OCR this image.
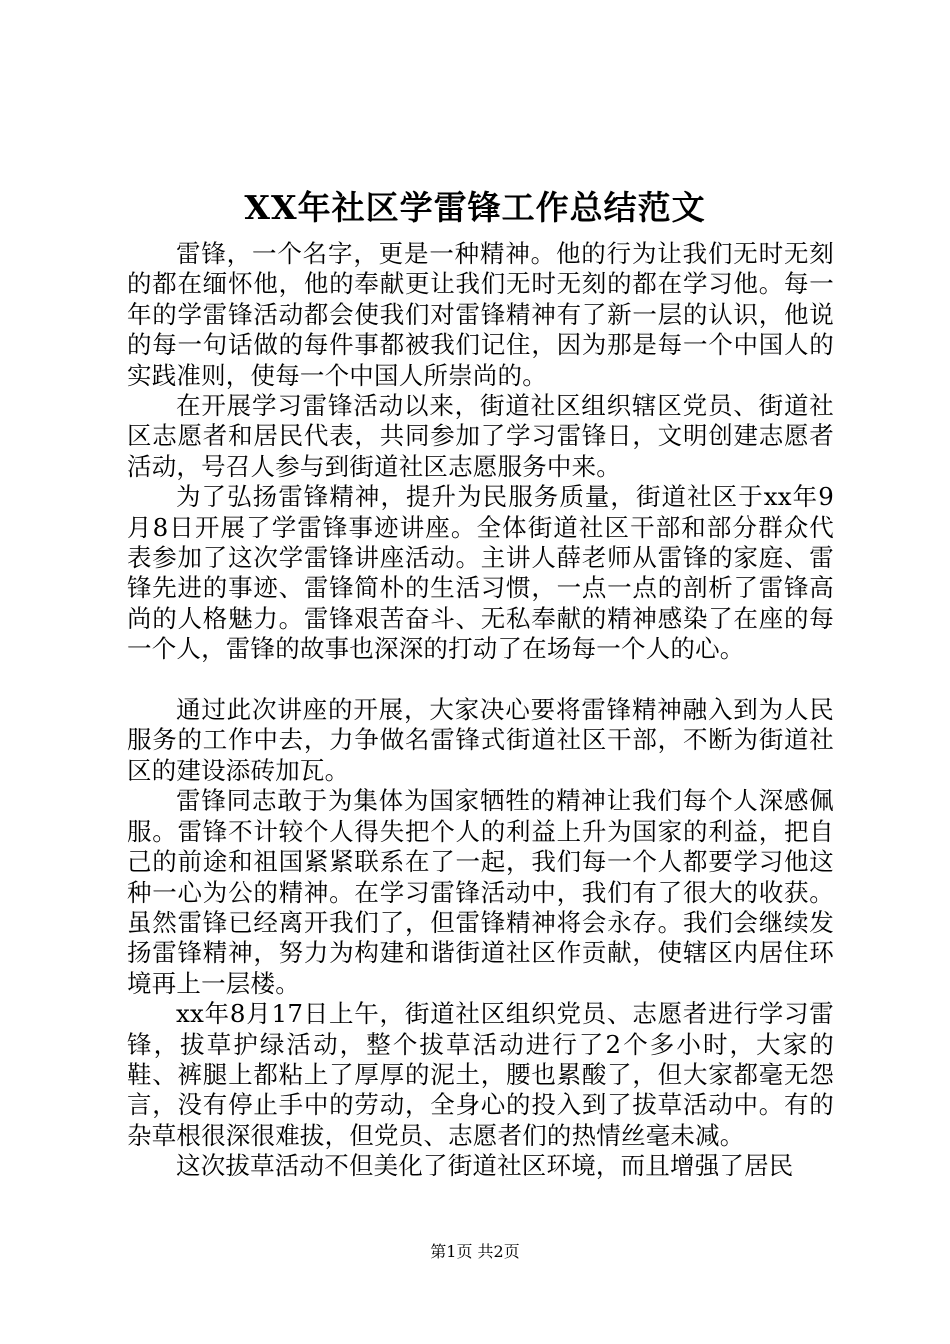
XX年社区学雷锋工作总结范文

雷锋，一个名字，更是一种精神。他的行为让我们无时无刻的都在缅怀他，他的奉献更让我们无时无刻的都在学习他。每一年的学雷锋活动都会使我们对雷锋精神有了新一层的认识，他说的每一句话做的每件事都被我们记住，因为那是每一个中国人的实践准则，使每一个中国人所崇尚的。

在开展学习雷锋活动以来，街道社区组织辖区党员、街道社区志愿者和居民代表，共同参加了学习雷锋日，文明创建志愿者活动，号召人参与到街道社区志愿服务中来。

为了弘扬雷锋精神，提升为民服务质量，街道社区于xx年9月8日开展了学雷锋事迹讲座。全体街道社区干部和部分群众代表参加了这次学雷锋讲座活动。主讲人薛老师从雷锋的家庭、雷锋先进的事迹、雷锋简朴的生活习惯，一点一点的剖析了雷锋高尚的人格魅力。雷锋艰苦奋斗、无私奉献的精神感染了在座的每一个人，雷锋的故事也深深的打动了在场每一个人的心。

通过此次讲座的开展，大家决心要将雷锋精神融入到为人民服务的工作中去，力争做名雷锋式街道社区干部，不断为街道社区的建设添砖加瓦。

雷锋同志敢于为集体为国家牺牲的精神让我们每个人深感佩服。雷锋不计较个人得失把个人的利益上升为国家的利益，把自己的前途和祖国紧紧联系在了一起，我们每一个人都要学习他这种一心为公的精神。在学习雷锋活动中，我们有了很大的收获。虽然雷锋已经离开我们了，但雷锋精神将会永存。我们会继续发扬雷锋精神，努力为构建和谐街道社区作贡献，使辖区内居住环境再上一层楼。

xx年8月17日上午，街道社区组织党员、志愿者进行学习雷锋，拔草护绿活动，整个拔草活动进行了2个多小时，大家的鞋、裤腿上都粘上了厚厚的泥土，腰也累酸了，但大家都毫无怨言，没有停止手中的劳动，全身心的投入到了拔草活动中。有的杂草根很深很难拔，但党员、志愿者们的热情丝毫未减。

这次拔草活动不但美化了街道社区环境，而且增强了居民

第1页 共2页
